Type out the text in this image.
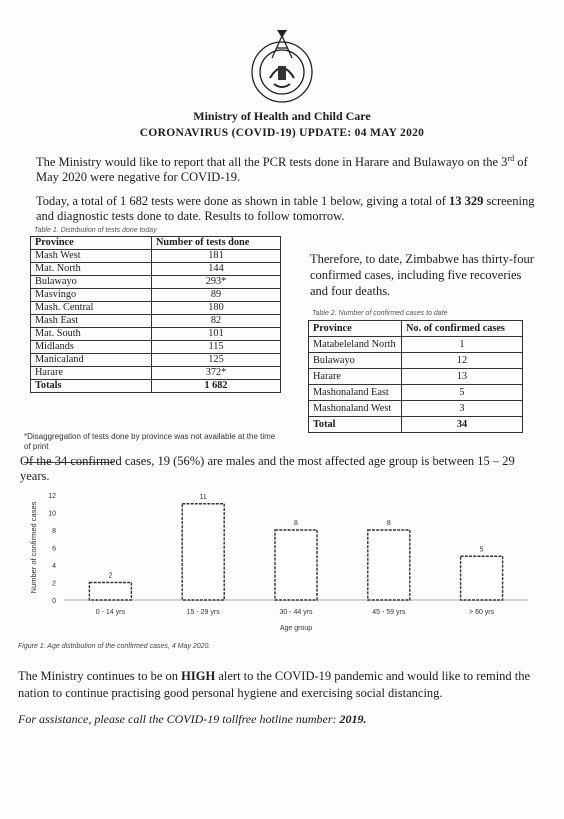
Ministry of Health and Child Care
CORONAVIRUS (COVID-19) UPDATE: 04 MAY 2020
The Ministry would like to report that all the PCR tests done in Harare and Bulawayo on the 3rd of May 2020 were negative for COVID-19.
Today, a total of 1 682 tests were done as shown in table 1 below, giving a total of 13 329 screening and diagnostic tests done to date. Results to follow tomorrow.
Table 1. Distribution of tests done today
Province	Number of tests done
Mash West	181
Mat. North	144
Bulawayo	293*
Masvingo	89
Mash. Central	180
Mash East	82
Mat. South	101
Midlands	115
Manicaland	125
Harare	372*
Totals	1 682
*Disaggregation of tests done by province was not available at the time of print
Therefore, to date, Zimbabwe has thirty-four confirmed cases, including five recoveries and four deaths.
Table 2. Number of confirmed cases to date
Province	No. of confirmed cases
Matabeleland North	1
Bulawayo	12
Harare	13
Mashonaland East	5
Mashonaland West	3
Total	34
Of the 34 confirmed cases, 19 (56%) are males and the most affected age group is between 15 – 29 years.
0
2
4
6
8
10
12
Number of confirmed cases	2
0 - 14 yrs
11
15 - 29 yrs
8
30 - 44 yrs
8
45 - 59 yrs
5
> 60 yrs
Age group
Figure 1. Age distribution of the confirmed cases, 4 May 2020.
The Ministry continues to be on HIGH alert to the COVID-19 pandemic and would like to remind the nation to continue practising good personal hygiene and exercising social distancing.
For assistance, please call the COVID-19 tollfree hotline number: 2019.
